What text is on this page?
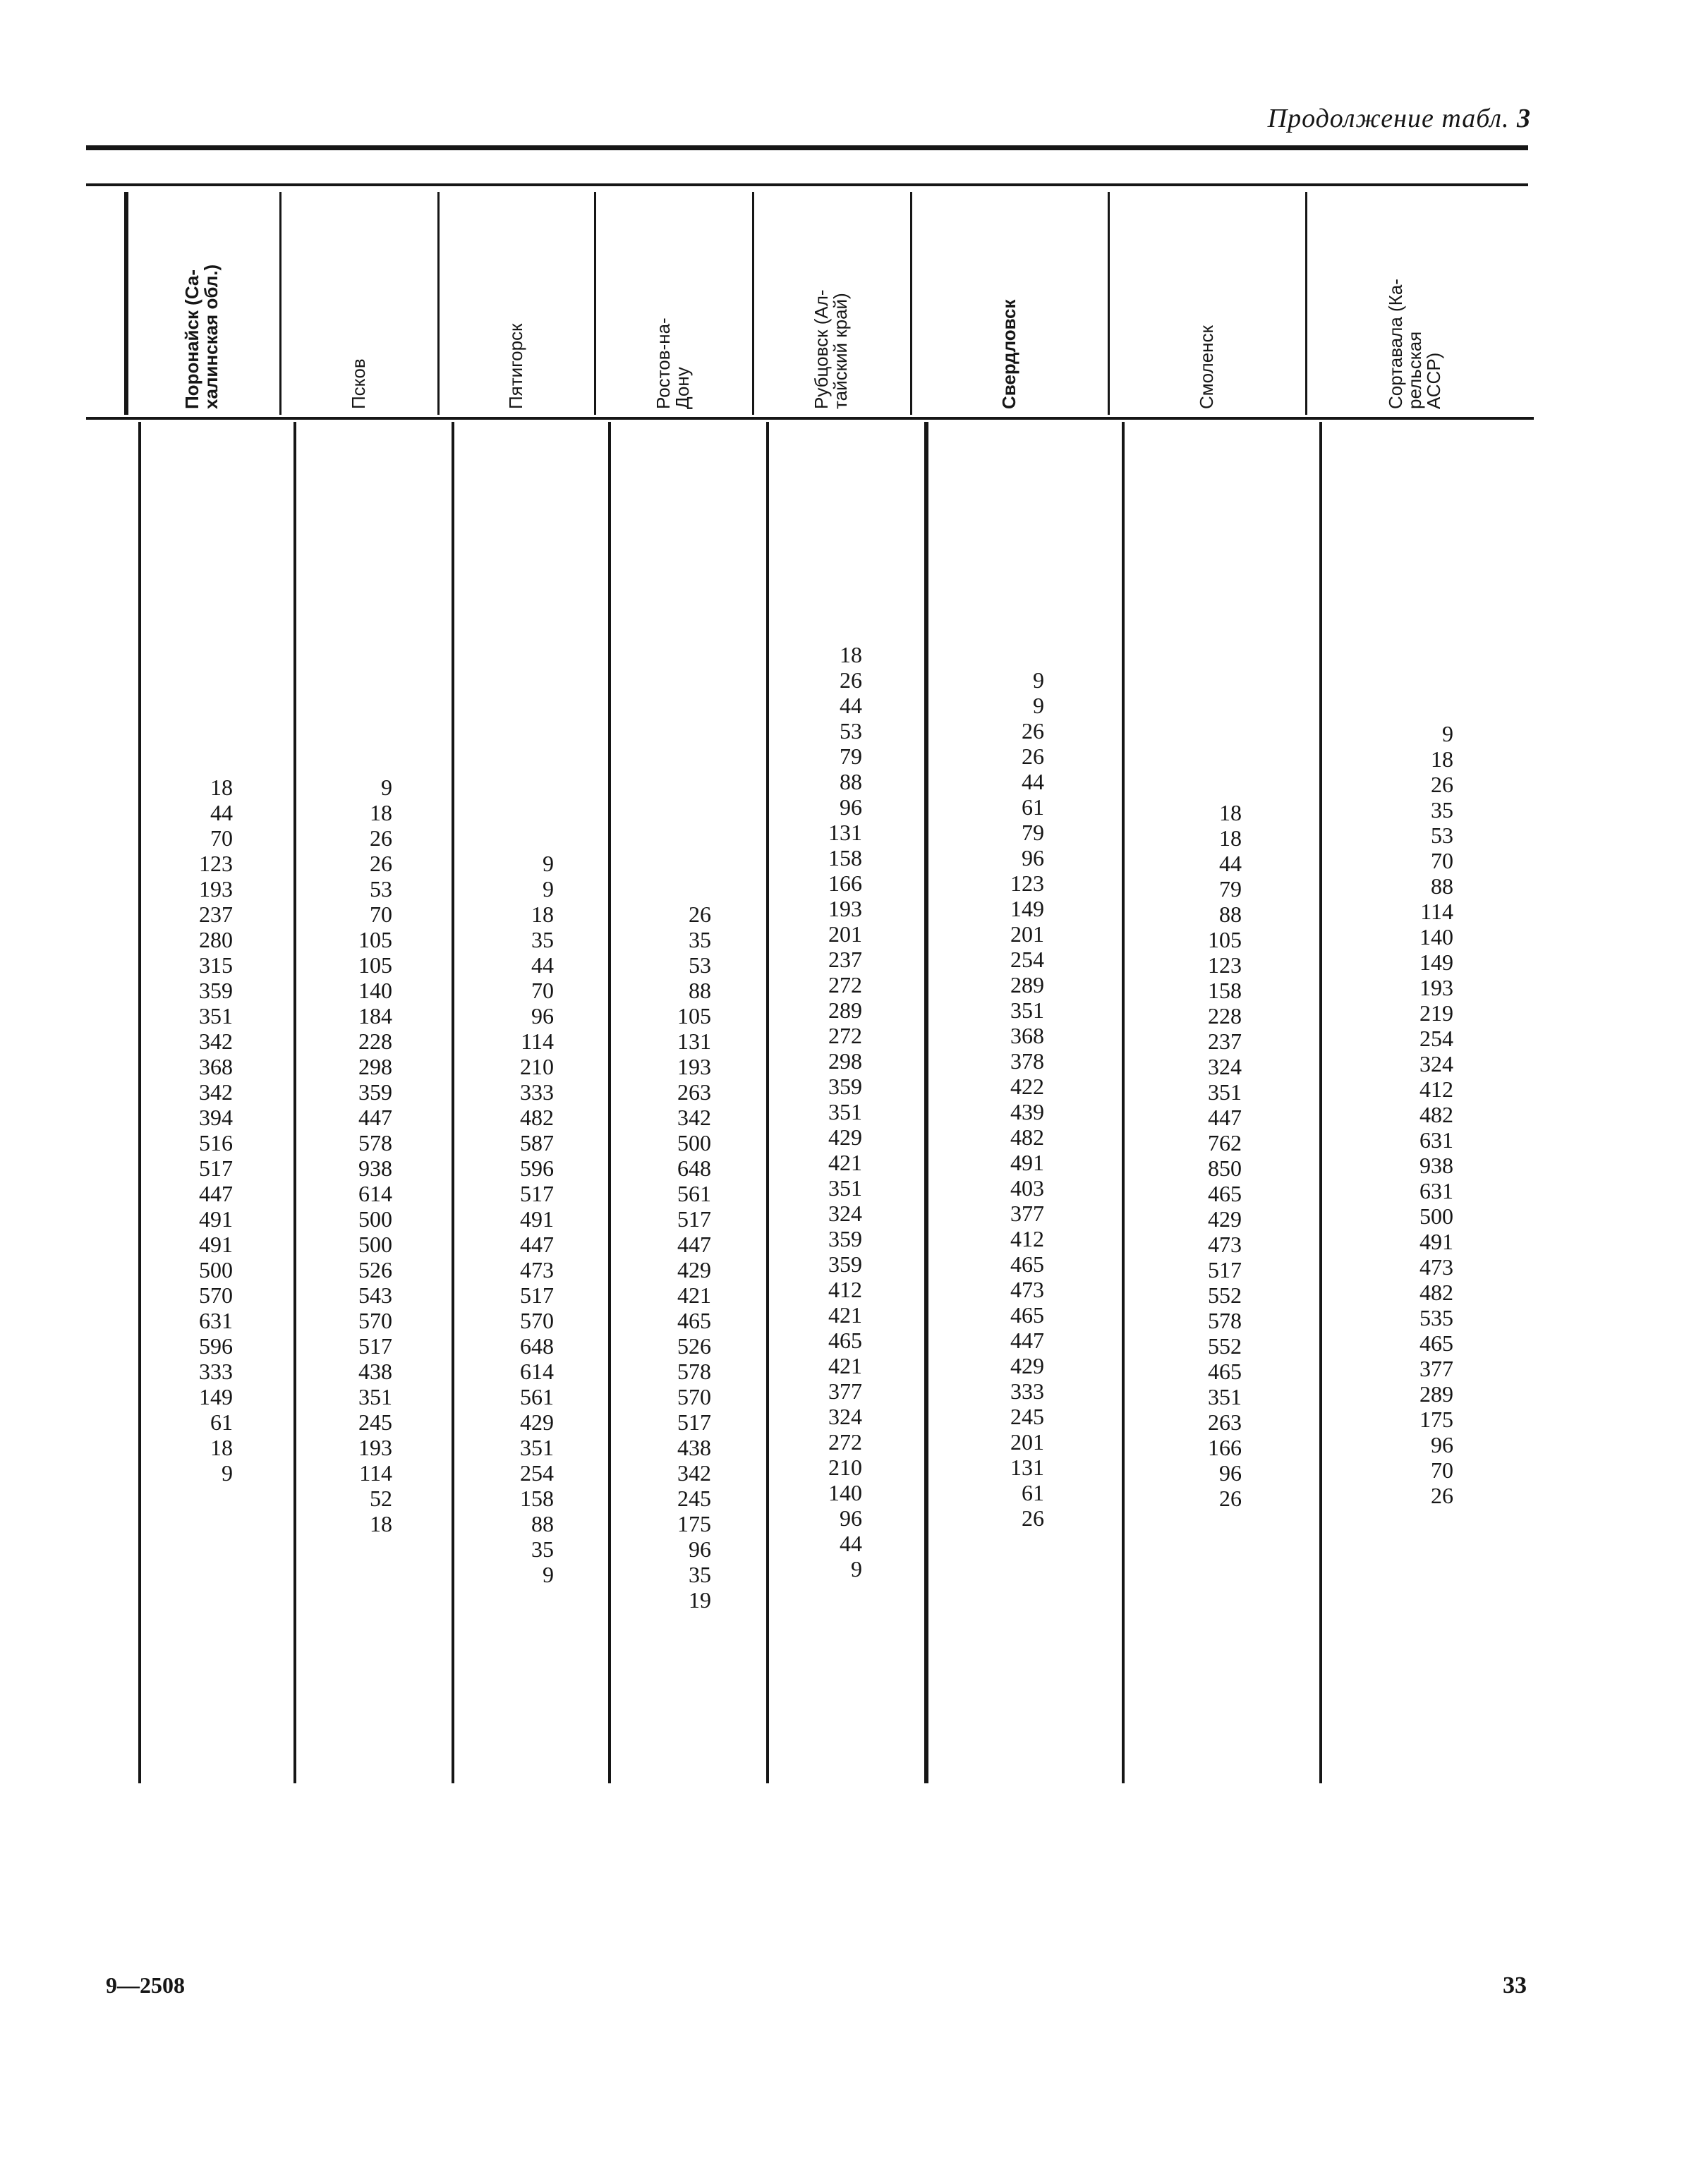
Продолжение табл. 3
Поронайск (Са-
халинская обл.)
18
44
70
123
193
237
280
315
359
351
342
368
342
394
516
517
447
491
491
500
570
631
596
333
149
61
18
9
Псков
9
18
26
26
53
70
105
105
140
184
228
298
359
447
578
938
614
500
500
526
543
570
517
438
351
245
193
114
52
18
Пятигорск
9
9
18
35
44
70
96
114
210
333
482
587
596
517
491
447
473
517
570
648
614
561
429
351
254
158
88
35
9
Ростов-на-
Дону
26
35
53
88
105
131
193
263
342
500
648
561
517
447
429
421
465
526
578
570
517
438
342
245
175
96
35
19
Рубцовск (Ал-
тайский край)
18
26
44
53
79
88
96
131
158
166
193
201
237
272
289
272
298
359
351
429
421
351
324
359
359
412
421
465
421
377
324
272
210
140
96
44
9
Свердловск
9
9
26
26
44
61
79
96
123
149
201
254
289
351
368
378
422
439
482
491
403
377
412
465
473
465
447
429
333
245
201
131
61
26
Смоленск
18
18
44
79
88
105
123
158
228
237
324
351
447
762
850
465
429
473
517
552
578
552
465
351
263
166
96
26
Сортавала (Ка-
рельская
АССР)
9
18
26
35
53
70
88
114
140
149
193
219
254
324
412
482
631
938
631
500
491
473
482
535
465
377
289
175
96
70
26
9—2508	33
